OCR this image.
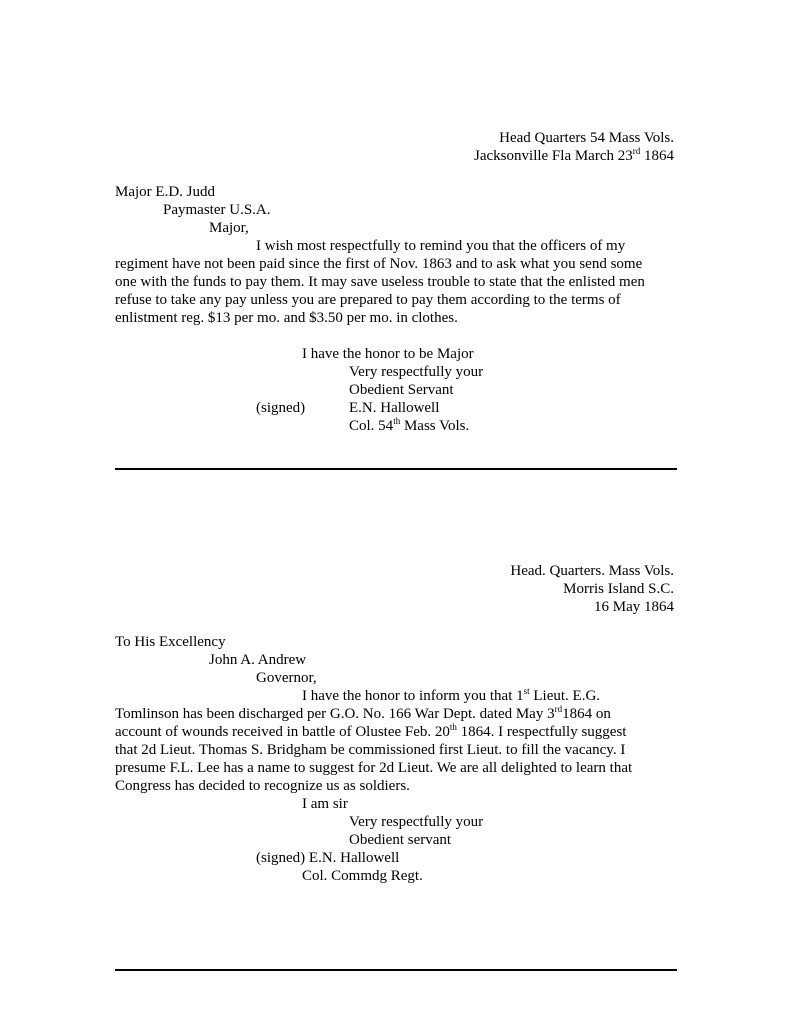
Head Quarters 54 Mass Vols.
Jacksonville Fla March 23rd 1864
Major E.D. Judd
Paymaster U.S.A.
Major,
I wish most respectfully to remind you that the officers of my
regiment have not been paid since the first of Nov. 1863 and to ask what you send some
one with the funds to pay them. It may save useless trouble to state that the enlisted men
refuse to take any pay unless you are prepared to pay them according to the terms of
enlistment reg. $13 per mo. and $3.50 per mo. in clothes.
I have the honor to be Major
Very respectfully your
Obedient Servant
(signed)	E.N. Hallowell
Col. 54th Mass Vols.
Head. Quarters. Mass Vols.
Morris Island S.C.
16 May 1864
To His Excellency
John A. Andrew
Governor,
I have the honor to inform you that 1st Lieut. E.G.
Tomlinson has been discharged per G.O. No. 166 War Dept. dated May 3rd1864 on
account of wounds received in battle of Olustee Feb. 20th 1864. I respectfully suggest
that 2d Lieut. Thomas S. Bridgham be commissioned first Lieut. to fill the vacancy. I
presume F.L. Lee has a name to suggest for 2d Lieut. We are all delighted to learn that
Congress has decided to recognize us as soldiers.
I am sir
Very respectfully your
Obedient servant
(signed) E.N. Hallowell
Col. Commdg Regt.
